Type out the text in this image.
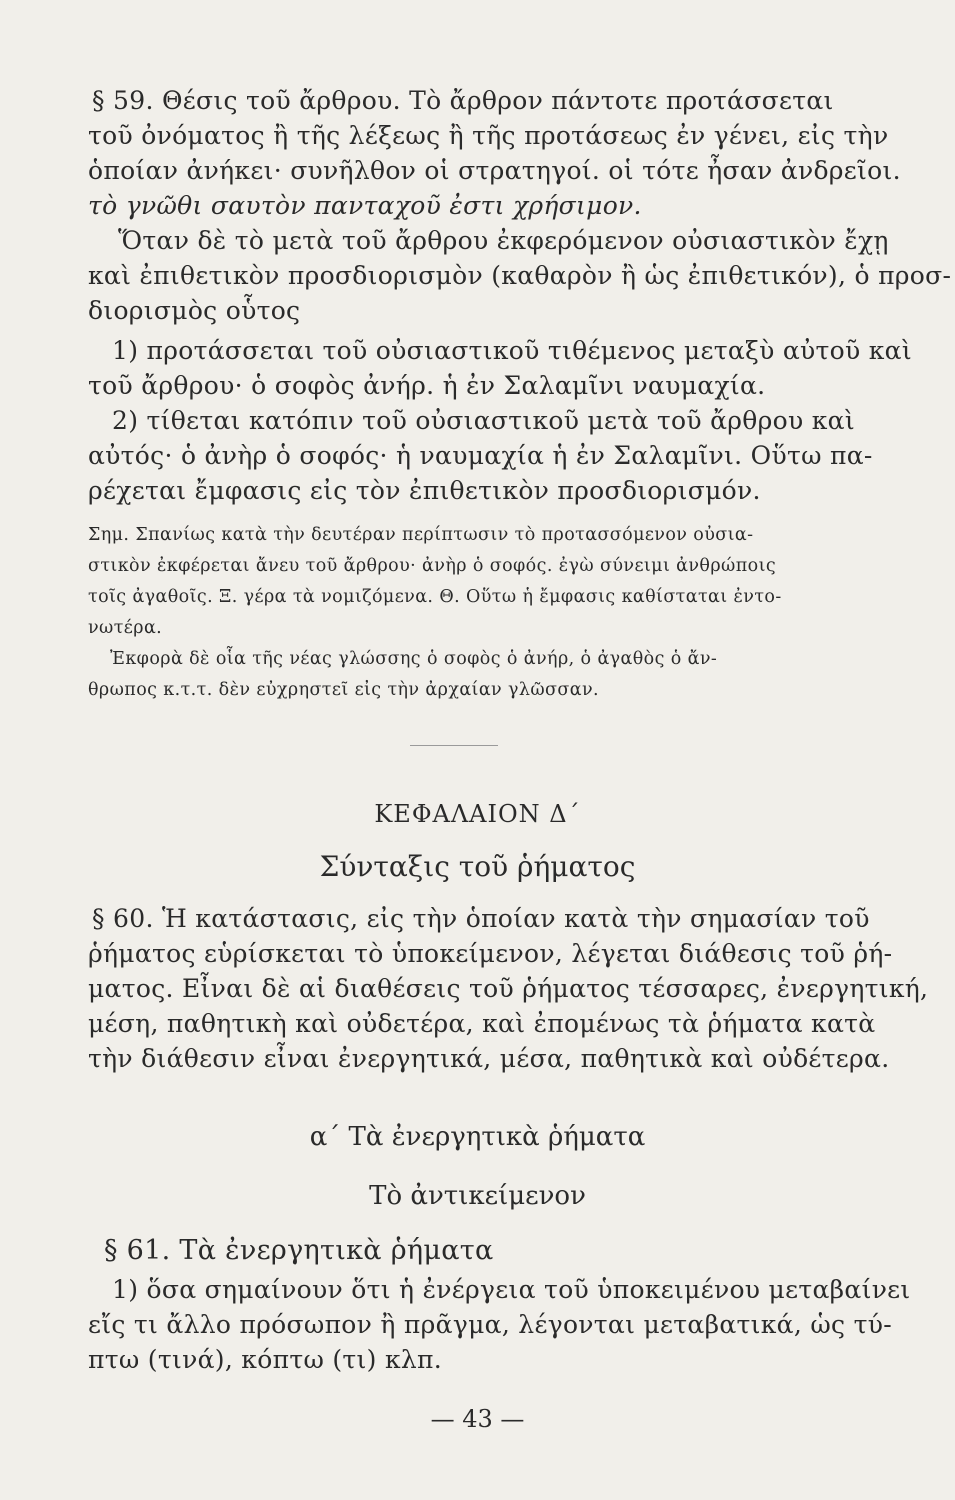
§ 59. Θέσις τοῦ ἄρθρου. Τὸ ἄρθρον πάντοτε προτάσσεται
τοῦ ὀνόματος ἢ τῆς λέξεως ἢ τῆς προτάσεως ἐν γένει, εἰς τὴν
ὁποίαν ἀνήκει· συνῆλθον οἱ στρατηγοί. οἱ τότε ἦσαν ἀνδρεῖοι.
τὸ γνῶθι σαυτὸν πανταχοῦ ἐστι χρήσιμον.
Ὅταν δὲ τὸ μετὰ τοῦ ἄρθρου ἐκφερόμενον οὐσιαστικὸν ἔχῃ
καὶ ἐπιθετικὸν προσδιορισμὸν (καθαρὸν ἢ ὡς ἐπιθετικόν), ὁ προσ-
διορισμὸς οὗτος
1) προτάσσεται τοῦ οὐσιαστικοῦ τιθέμενος μεταξὺ αὐτοῦ καὶ
τοῦ ἄρθρου· ὁ σοφὸς ἀνήρ. ἡ ἐν Σαλαμῖνι ναυμαχία.
2) τίθεται κατόπιν τοῦ οὐσιαστικοῦ μετὰ τοῦ ἄρθρου καὶ
αὐτός· ὁ ἀνὴρ ὁ σοφός· ἡ ναυμαχία ἡ ἐν Σαλαμῖνι. Οὕτω πα-
ρέχεται ἔμφασις εἰς τὸν ἐπιθετικὸν προσδιορισμόν.
Σημ. Σπανίως κατὰ τὴν δευτέραν περίπτωσιν τὸ προτασσόμενον οὐσια-
στικὸν ἐκφέρεται ἄνευ τοῦ ἄρθρου· ἀνὴρ ὁ σοφός. ἐγὼ σύνειμι ἀνθρώποις
τοῖς ἀγαθοῖς. Ξ. γέρα τὰ νομιζόμενα. Θ. Οὕτω ἡ ἔμφασις καθίσταται ἐντο-
νωτέρα.
Ἐκφορὰ δὲ οἷα τῆς νέας γλώσσης ὁ σοφὸς ὁ ἀνήρ, ὁ ἀγαθὸς ὁ ἄν-
θρωπος κ.τ.τ. δὲν εὐχρηστεῖ εἰς τὴν ἀρχαίαν γλῶσσαν.
ΚΕΦΑΛΑΙΟΝ Δ΄
Σύνταξις τοῦ ῥήματος
§ 60. Ἡ κατάστασις, εἰς τὴν ὁποίαν κατὰ τὴν σημασίαν τοῦ
ῥήματος εὑρίσκεται τὸ ὑποκείμενον, λέγεται διάθεσις τοῦ ῥή-
ματος. Εἶναι δὲ αἱ διαθέσεις τοῦ ῥήματος τέσσαρες, ἐνεργητική,
μέση, παθητικὴ καὶ οὐδετέρα, καὶ ἐπομένως τὰ ῥήματα κατὰ
τὴν διάθεσιν εἶναι ἐνεργητικά, μέσα, παθητικὰ καὶ οὐδέτερα.
α΄ Τὰ ἐνεργητικὰ ῥήματα
Τὸ ἀντικείμενον
§ 61. Τὰ ἐνεργητικὰ ῥήματα
1) ὅσα σημαίνουν ὅτι ἡ ἐνέργεια τοῦ ὑποκειμένου μεταβαίνει
εἴς τι ἄλλο πρόσωπον ἢ πρᾶγμα, λέγονται μεταβατικά, ὡς τύ-
πτω (τινά), κόπτω (τι) κλπ.
— 43 —
